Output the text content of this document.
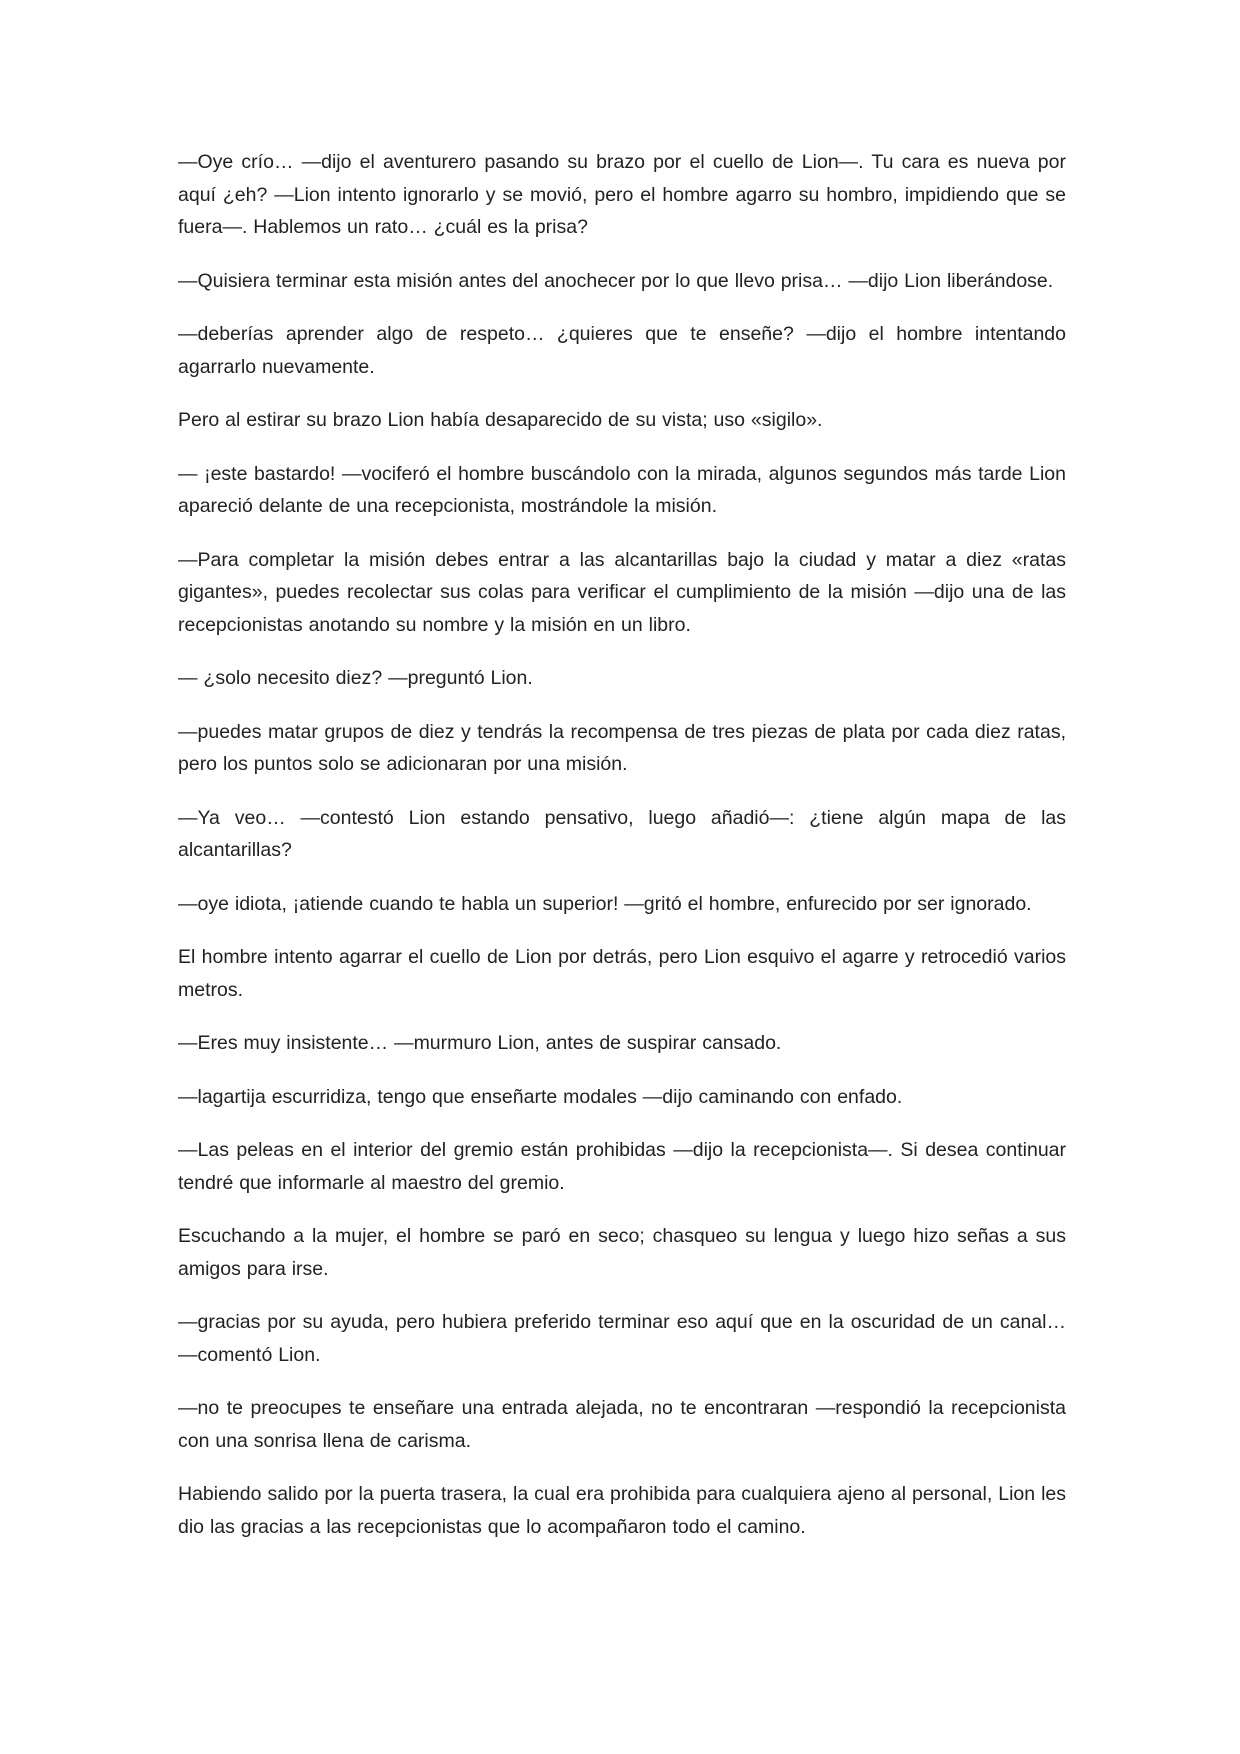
—Oye crío… —dijo el aventurero pasando su brazo por el cuello de Lion—. Tu cara es nueva por aquí ¿eh? —Lion intento ignorarlo y se movió, pero el hombre agarro su hombro, impidiendo que se fuera—. Hablemos un rato… ¿cuál es la prisa?

—Quisiera terminar esta misión antes del anochecer por lo que llevo prisa… —dijo Lion liberándose.

—deberías aprender algo de respeto… ¿quieres que te enseñe? —dijo el hombre intentando agarrarlo nuevamente.

Pero al estirar su brazo Lion había desaparecido de su vista; uso «sigilo».

— ¡este bastardo! —vociferó el hombre buscándolo con la mirada, algunos segundos más tarde Lion apareció delante de una recepcionista, mostrándole la misión.

—Para completar la misión debes entrar a las alcantarillas bajo la ciudad y matar a diez «ratas gigantes», puedes recolectar sus colas para verificar el cumplimiento de la misión —dijo una de las recepcionistas anotando su nombre y la misión en un libro.

— ¿solo necesito diez? —preguntó Lion.

—puedes matar grupos de diez y tendrás la recompensa de tres piezas de plata por cada diez ratas, pero los puntos solo se adicionaran por una misión.

—Ya veo… —contestó Lion estando pensativo, luego añadió—: ¿tiene algún mapa de las alcantarillas?

—oye idiota, ¡atiende cuando te habla un superior! —gritó el hombre, enfurecido por ser ignorado.

El hombre intento agarrar el cuello de Lion por detrás, pero Lion esquivo el agarre y retrocedió varios metros.

—Eres muy insistente… —murmuro Lion, antes de suspirar cansado.

—lagartija escurridiza, tengo que enseñarte modales —dijo caminando con enfado.

—Las peleas en el interior del gremio están prohibidas —dijo la recepcionista—. Si desea continuar tendré que informarle al maestro del gremio.

Escuchando a la mujer, el hombre se paró en seco; chasqueo su lengua y luego hizo señas a sus amigos para irse.

—gracias por su ayuda, pero hubiera preferido terminar eso aquí que en la oscuridad de un canal… —comentó Lion.

—no te preocupes te enseñare una entrada alejada, no te encontraran —respondió la recepcionista con una sonrisa llena de carisma.

Habiendo salido por la puerta trasera, la cual era prohibida para cualquiera ajeno al personal, Lion les dio las gracias a las recepcionistas que lo acompañaron todo el camino.
